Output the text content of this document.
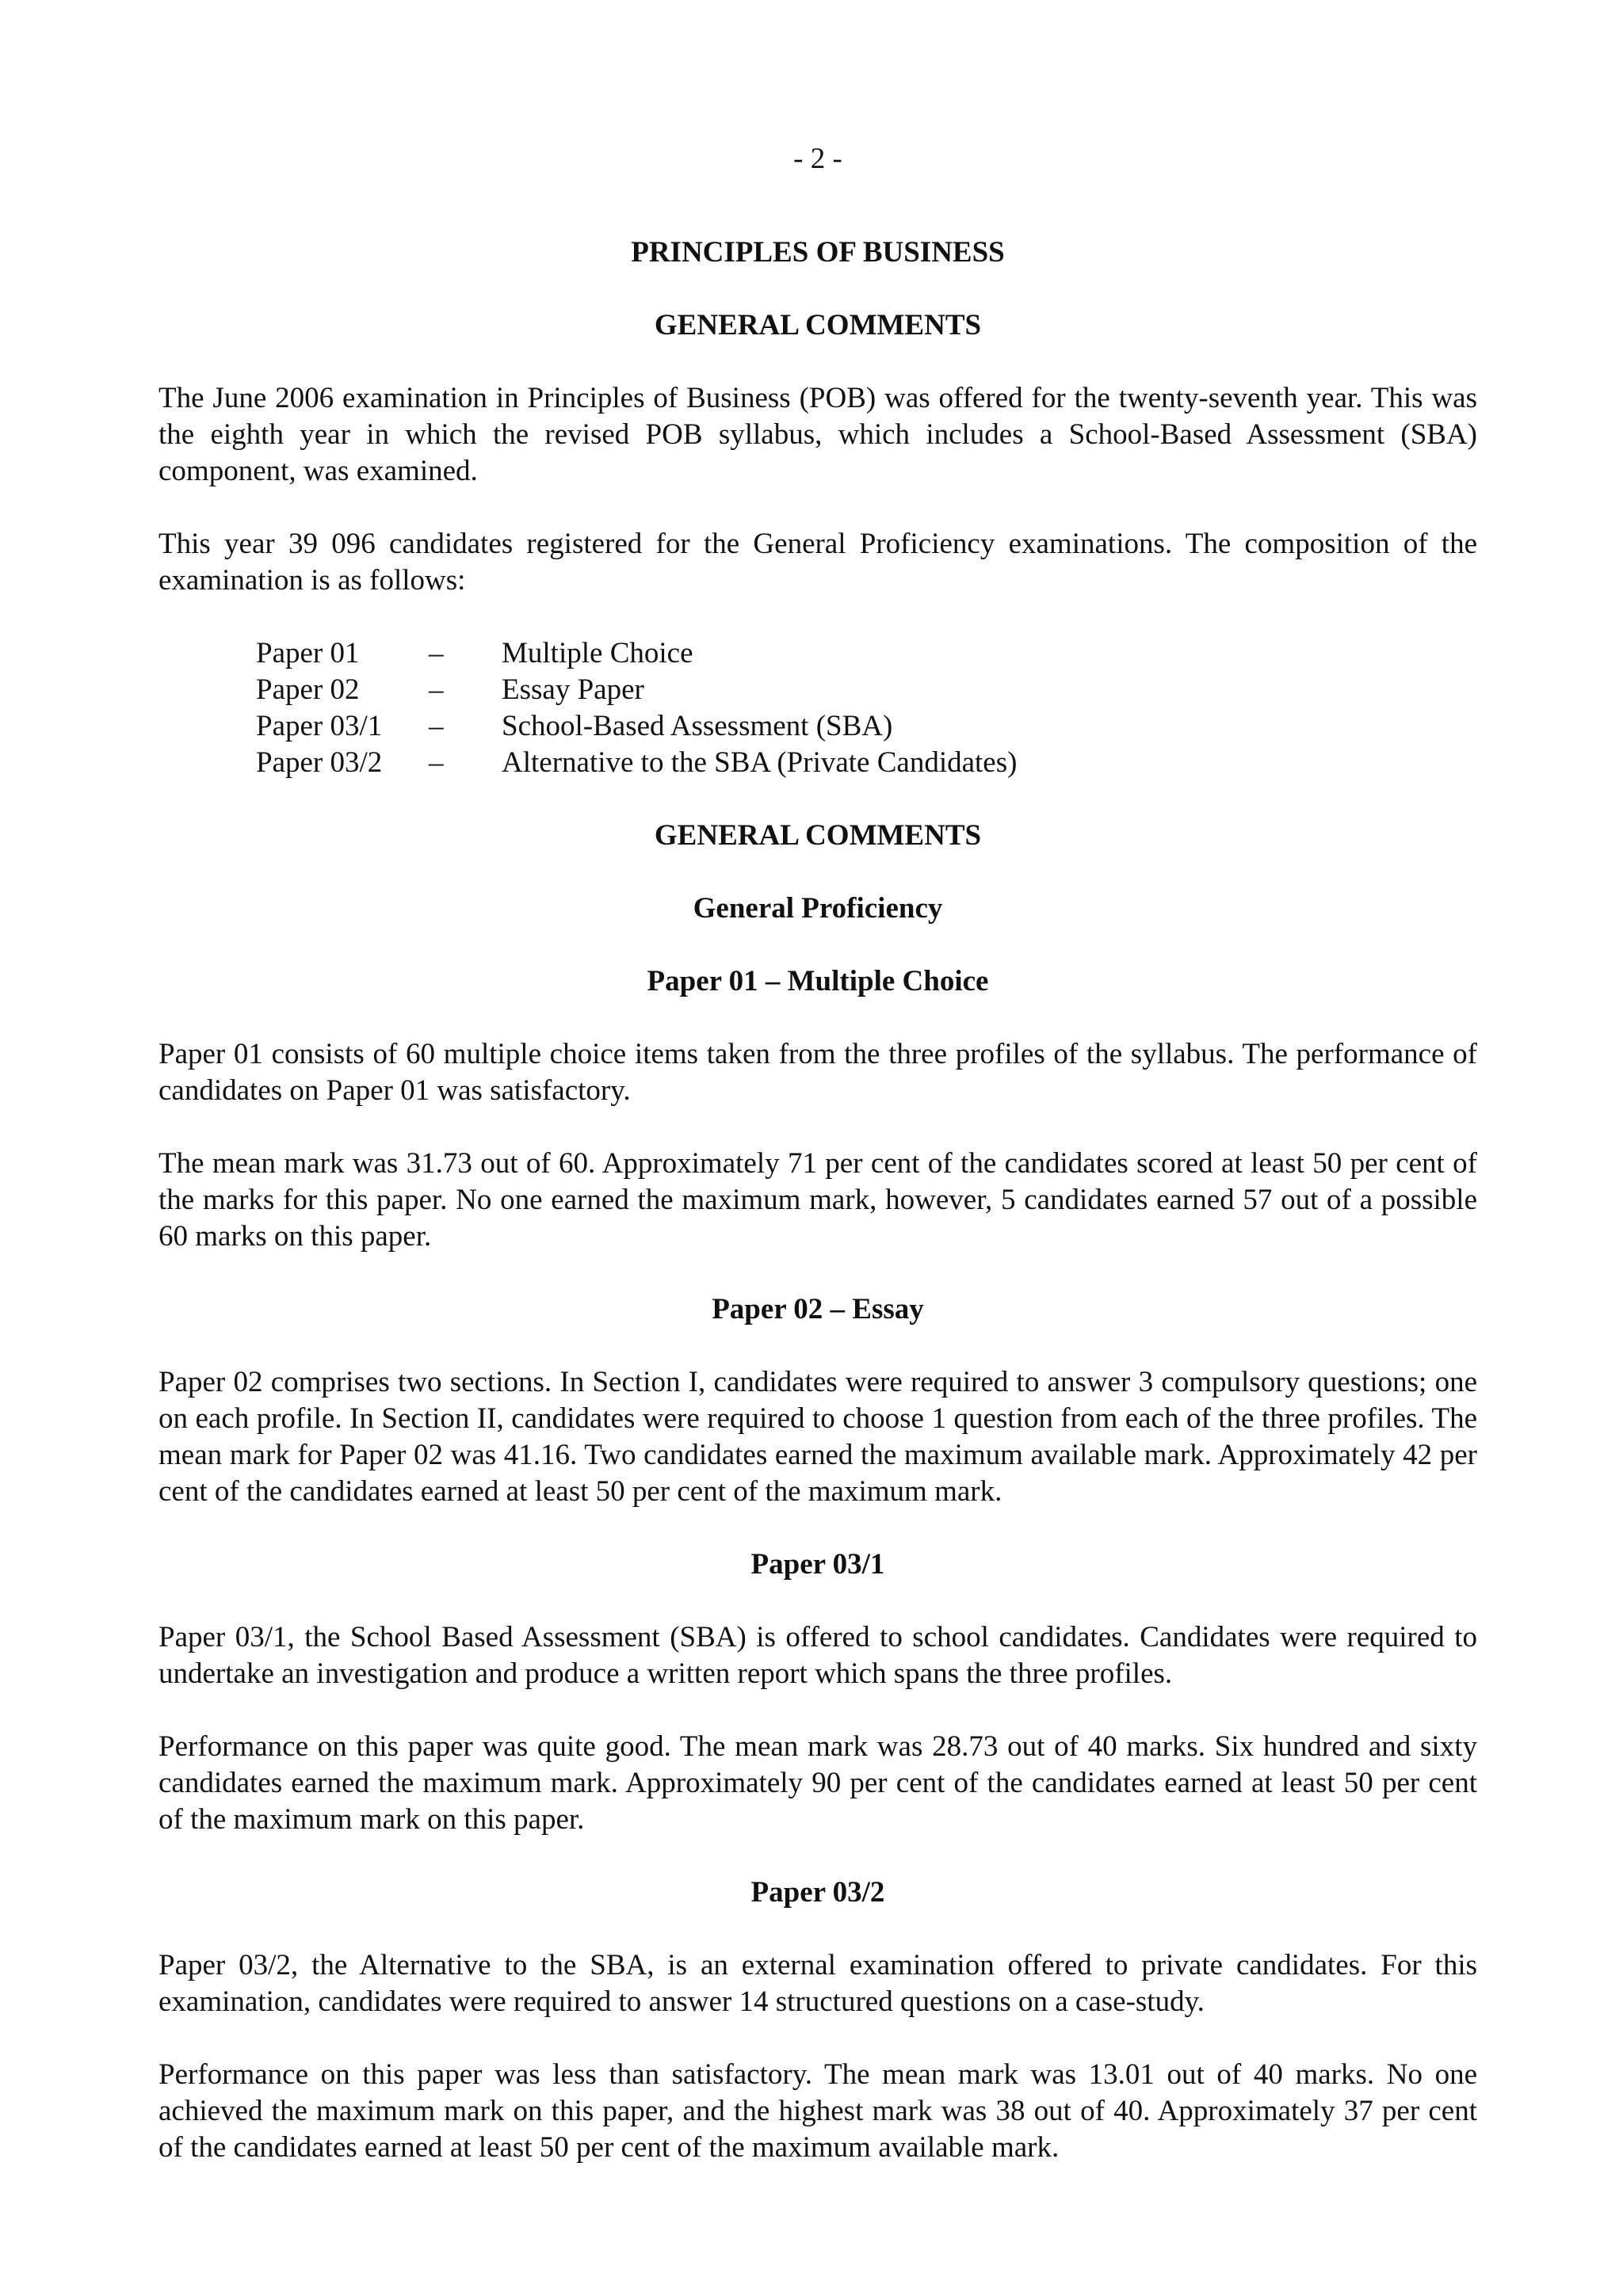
- 2 -
PRINCIPLES OF BUSINESS
GENERAL COMMENTS

The June 2006 examination in Principles of Business (POB) was offered for the twenty-seventh year. This was the eighth year in which the revised POB syllabus, which includes a School-Based Assessment (SBA) component, was examined.

This year 39 096 candidates registered for the General Proficiency examinations. The composition of the examination is as follows:

Paper 01	–	Multiple Choice
Paper 02	–	Essay Paper
Paper 03/1	–	School-Based Assessment (SBA)
Paper 03/2	–	Alternative to the SBA (Private Candidates)
GENERAL COMMENTS
General Proficiency
Paper 01 – Multiple Choice

Paper 01 consists of 60 multiple choice items taken from the three profiles of the syllabus. The performance of candidates on Paper 01 was satisfactory.

The mean mark was 31.73 out of 60. Approximately 71 per cent of the candidates scored at least 50 per cent of the marks for this paper. No one earned the maximum mark, however, 5 candidates earned 57 out of a possible 60 marks on this paper.

Paper 02 – Essay

Paper 02 comprises two sections. In Section I, candidates were required to answer 3 compulsory questions; one on each profile. In Section II, candidates were required to choose 1 question from each of the three profiles. The mean mark for Paper 02 was 41.16. Two candidates earned the maximum available mark. Approximately 42 per cent of the candidates earned at least 50 per cent of the maximum mark.

Paper 03/1

Paper 03/1, the School Based Assessment (SBA) is offered to school candidates. Candidates were required to undertake an investigation and produce a written report which spans the three profiles.

Performance on this paper was quite good. The mean mark was 28.73 out of 40 marks. Six hundred and sixty candidates earned the maximum mark. Approximately 90 per cent of the candidates earned at least 50 per cent of the maximum mark on this paper.

Paper 03/2

Paper 03/2, the Alternative to the SBA, is an external examination offered to private candidates. For this examination, candidates were required to answer 14 structured questions on a case-study.

Performance on this paper was less than satisfactory. The mean mark was 13.01 out of 40 marks. No one achieved the maximum mark on this paper, and the highest mark was 38 out of 40. Approximately 37 per cent of the candidates earned at least 50 per cent of the maximum available mark.
